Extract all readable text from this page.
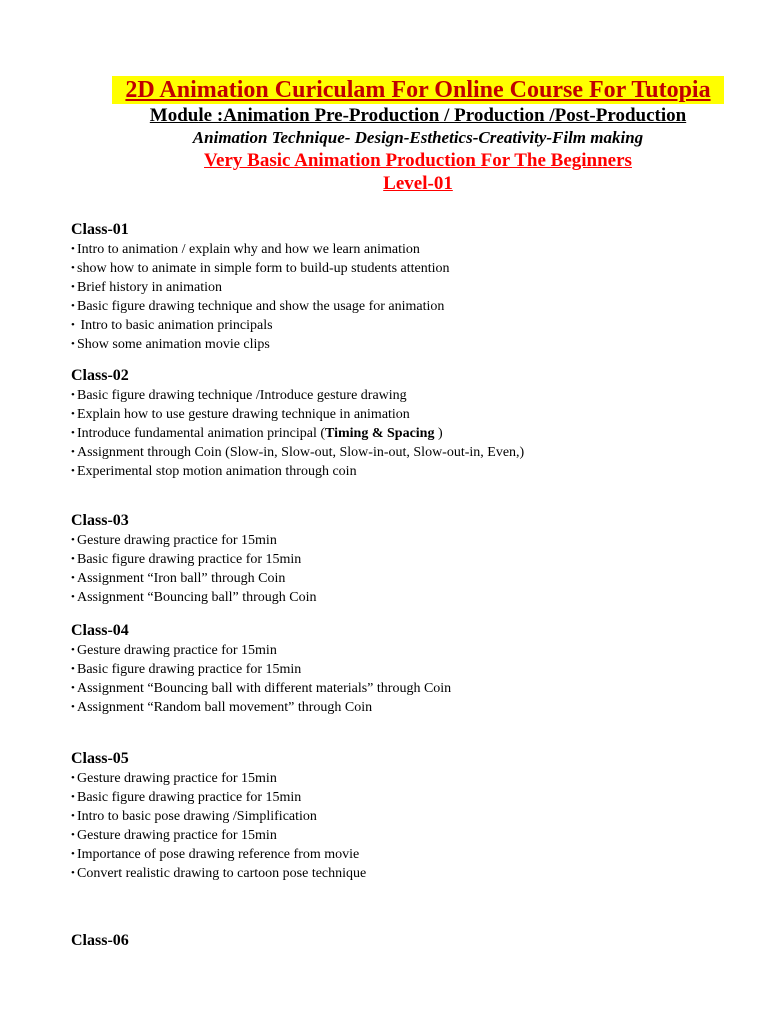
2D Animation Curiculam For Online Course For Tutopia
Module :Animation Pre-Production / Production /Post-Production
Animation Technique- Design-Esthetics-Creativity-Film making
Very Basic Animation Production For The Beginners
Level-01
Class-01
• Intro to animation / explain why and how we learn animation
• show how to animate in simple form to build-up students attention
• Brief history in animation
• Basic figure drawing technique and show the usage for animation
• Intro to basic animation principals
• Show some animation movie clips
Class-02
• Basic figure drawing technique /Introduce gesture drawing
• Explain how to use gesture drawing technique in animation
• Introduce fundamental animation principal (Timing & Spacing )
• Assignment through Coin (Slow-in, Slow-out, Slow-in-out, Slow-out-in, Even,)
• Experimental stop motion animation through coin
Class-03
• Gesture drawing practice for 15min
• Basic figure drawing practice for 15min
• Assignment “Iron ball” through Coin
• Assignment “Bouncing ball” through Coin
Class-04
• Gesture drawing practice for 15min
• Basic figure drawing practice for 15min
• Assignment “Bouncing ball with different materials” through Coin
• Assignment “Random ball movement” through Coin
Class-05
• Gesture drawing practice for 15min
• Basic figure drawing practice for 15min
• Intro to basic pose drawing /Simplification
• Gesture drawing practice for 15min
• Importance of pose drawing reference from movie
• Convert realistic drawing to cartoon pose technique
Class-06
